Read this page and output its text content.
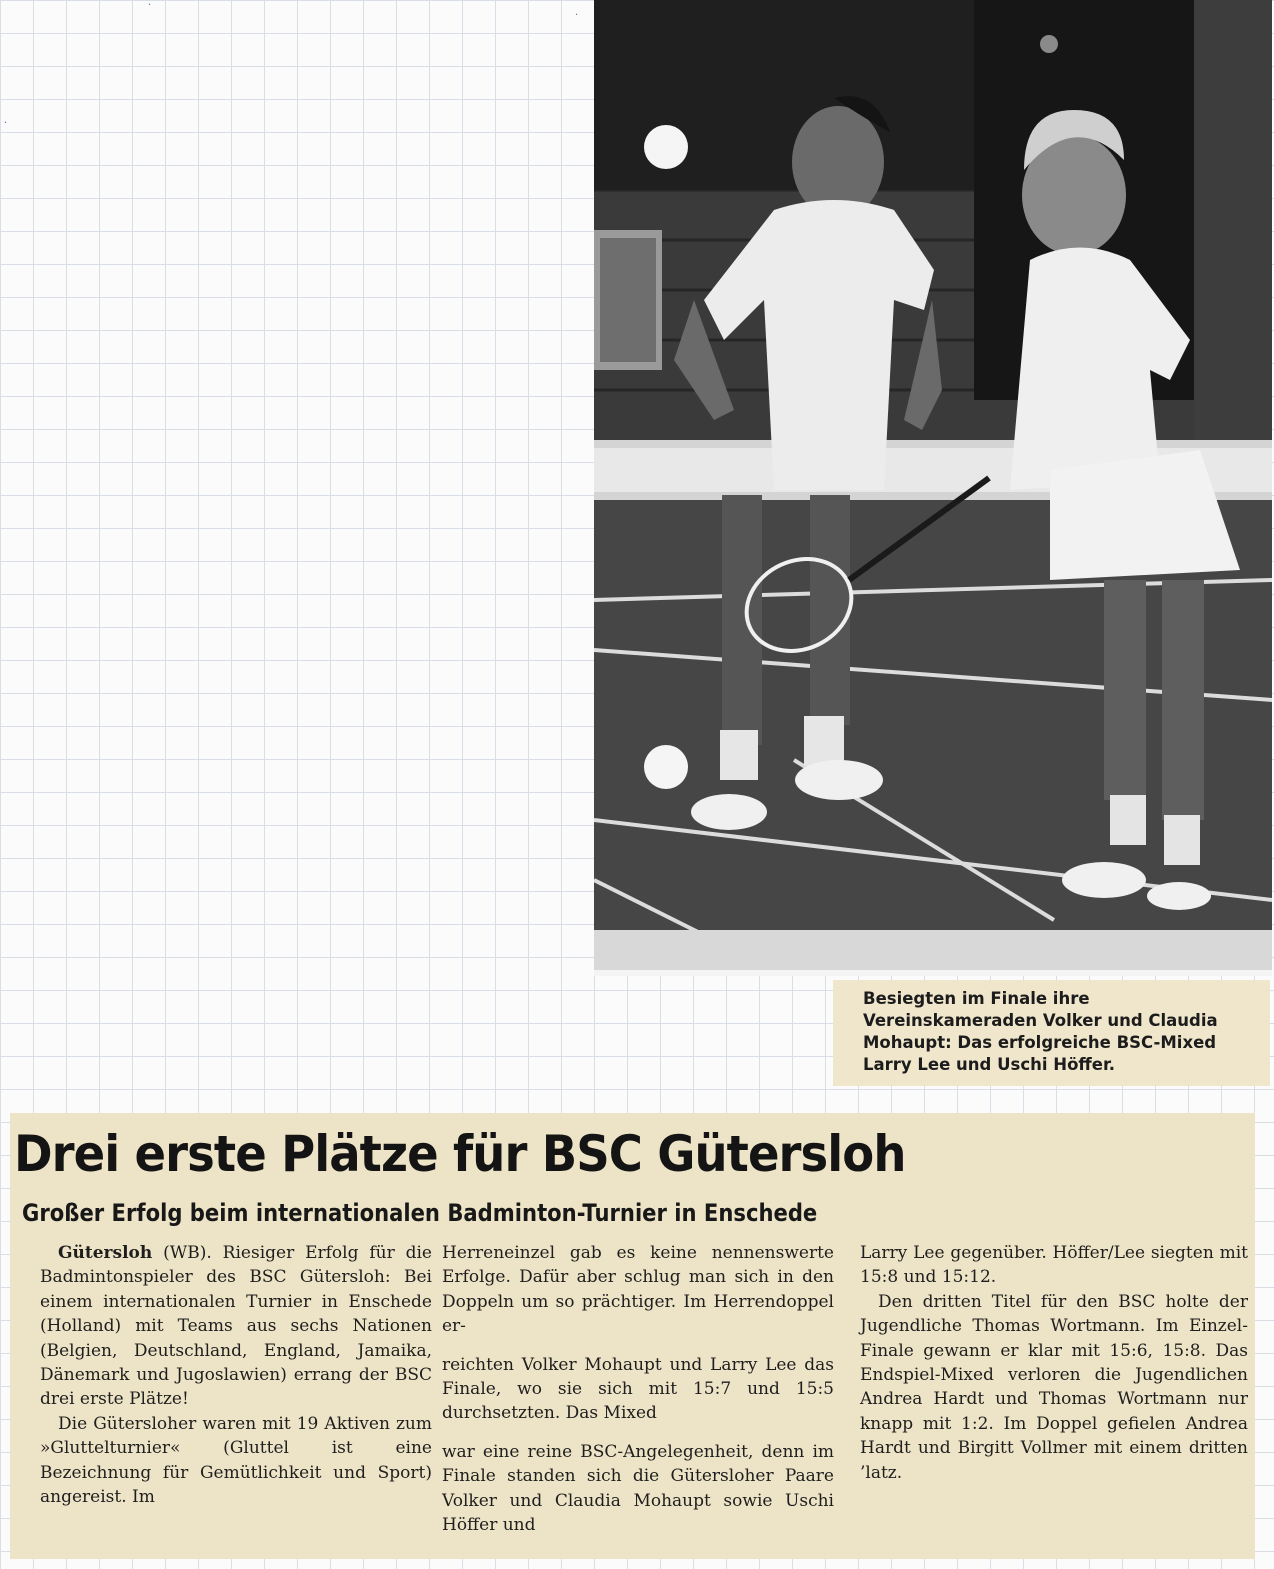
·
·
·

Besiegten im Finale ihre Vereinskameraden Volker und Claudia Mohaupt: Das erfolgreiche BSC-Mixed Larry Lee und Uschi Höffer.

Drei erste Plätze für BSC Gütersloh
Großer Erfolg beim internationalen Badminton-Turnier in Enschede

Gütersloh (WB). Riesiger Erfolg für die Badmintonspieler des BSC Gütersloh: Bei einem internationalen Turnier in Enschede (Holland) mit Teams aus sechs Nationen (Belgien, Deutschland, England, Jamaika, Dänemark und Jugoslawien) errang der BSC drei erste Plätze!

Die Gütersloher waren mit 19 Aktiven zum »Gluttelturnier« (Gluttel ist eine Bezeichnung für Gemütlichkeit und Sport) angereist. Im

Herreneinzel gab es keine nennenswerte Erfolge. Dafür aber schlug man sich in den Doppeln um so prächtiger. Im Herrendoppel er-

reichten Volker Mohaupt und Larry Lee das Finale, wo sie sich mit 15:7 und 15:5 durchsetzten. Das Mixed

war eine reine BSC-Angelegenheit, denn im Finale standen sich die Gütersloher Paare Volker und Claudia Mohaupt sowie Uschi Höffer und

Larry Lee gegenüber. Höffer/Lee siegten mit 15:8 und 15:12.

Den dritten Titel für den BSC holte der Jugendliche Thomas Wortmann. Im Einzel-Finale gewann er klar mit 15:6, 15:8. Das Endspiel-Mixed verloren die Jugendlichen Andrea Hardt und Thomas Wortmann nur knapp mit 1:2. Im Doppel gefielen Andrea Hardt und Birgitt Vollmer mit einem dritten ’latz.
